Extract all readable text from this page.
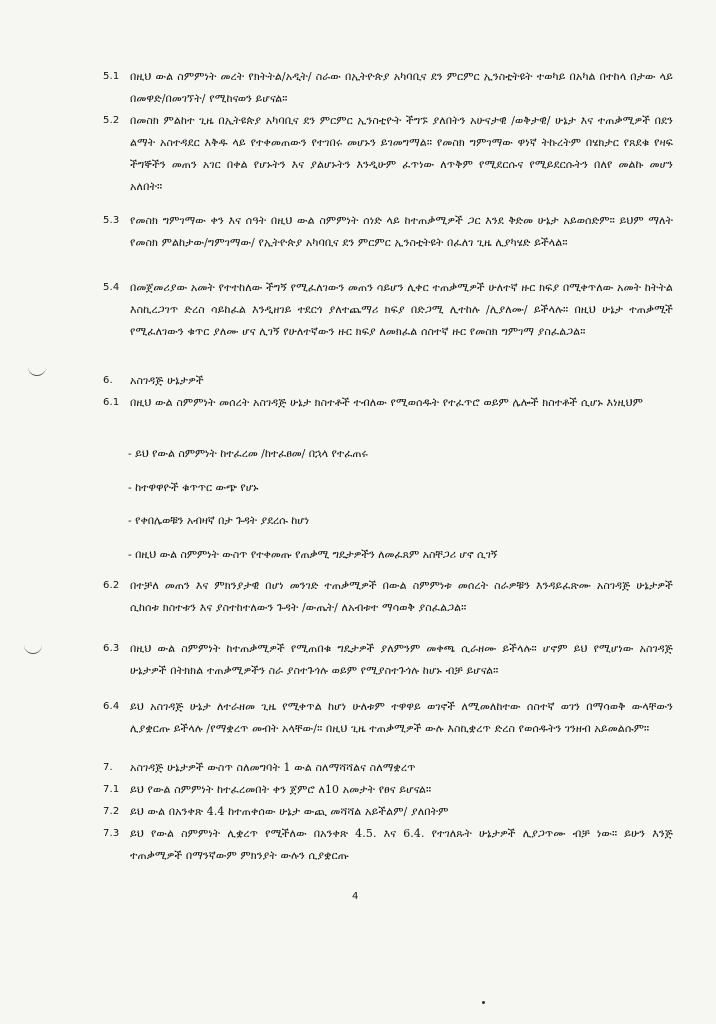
5.1 በዚህ ውል ስምምነት መረት የክትትል/አዲት/ ስራው በኢትዮጵያ አካባቢና ደን ምርምር ኢንስቲትዩት ተወካይ በአካል በተከላ በታው ላይ በመዋድ/በመገኘት/ የሚከናወን ይሆናል።
5.2 በመስክ ምልከተ ጊዜ በኢትዩጵያ አካባቢና ደን ምርምር ኢንስቲዮት ችግኙ ያለበትን አሁናታዊ /ወቅታዊ/ ሁኔታ እና ተጠቃሚዎች በደን ልማት አስተዳደር እቅዱ ላይ የተቀመጠውን የተገበሩ መሆኑን ይገመግማል። የመስክ ግምገማው ዋነኛ ትኩረትም በሄክታር የጸደቁ የዛፍ ችግኞችን መጠን አገር በቀል የሆኑትን እና ያልሆኑትን እንዲሁም ፈጥነው ለጥቅም የሚደርሱና የሚይደርሱትን በለየ መልኩ መሆን አለበት።
5.3 የመስክ ግምገማው ቀን እና ሰዓት በዚህ ውል ስምምነት ሰነድ ላይ ከተጠቃሚዎች ጋር እንደ ቅድመ ሁኔታ አይወሰድም። ይህም ማለት የመስክ ምልከታው/ግምገማው/ የኢትዮጵያ አካባቢና ደን ምርምር ኢንስቲትዩት በፈለገ ጊዜ ሊያካሄድ ይችላል።
5.4 በመጀመሪያው አመት የተተከለው ችግኝ የሚፈለገውን መጠን ሳይሆን ሊቀር ተጠቃሚዎች ሁለተኛ ዙር ክፍያ በሚቀጥለው አመት ከትትል እስኪረጋገጥ ድረስ ሳይከፈል እንዲዘገይ ተደርጎ ያለተጨማሪ ክፍያ በድጋሚ ሊተከሉ /ሊያለሙ/ ይችላሉ። በዚህ ሁኔታ ተጠቃሚች የሚፈለገውን ቁጥር ያለሙ ሆና ሊገኝ የሁለተኛውን ዙር ክፍያ ለመክፈል ሰስተኛ ዙር የመስክ ግምገማ ያስፈልጋል።
6. አስገዳጅ ሁኔታዎች
6.1 በዚህ ውል ስምምነት መሰረት አስገዳጅ ሁኔታ ክስተቶች ተብለው የሚወሰዱት የተፈጥሮ ወይም ሌሎች ክስተቶች ሲሆኑ እነዚህም
- ይህ የውል ስምምነት ከተፈረመ /ከተፈፀመ/ በኋላ የተፈጠሩ
- ከተዋዋዮች ቁጥጥር ውጭ የሆኑ
- የቀበሌወቹን አብዛኛ በታ ጉዳት ያደረሱ ከሆነ
- በዚህ ውል ስምምነት ውስጥ የተቀመጡ የጠቃሚ ግዴታዎችን ለመፈጸም አስቸጋሪ ሆኖ ሲገኝ
6.2 በተቻለ መጠን እና ምክንያታዊ በሆነ መንገድ ተጠቃሚዎች በውል ስምምነቱ መሰረት ስራዎቹን እንዳይፈጽሙ አስገዳጅ ሁኔታዎች ሲከሰቱ ክስተቱን እና ያስተከተለውን ጉዳት /ውጤት/ ለአብቱተ ማሳወቅ ያስፈልጋል።
6.3 በዚህ ውል ስምምነት ከተጠቃሚዎች የሚጠበቁ ግዴታዎች ያለምንም መቀጫ ሲራዘሙ ይችላሉ። ሆኖም ይህ የሚሆነው አስገዳጅ ሁኔታዎች በትክክል ተጠቃሚዎችን ስራ ያስተጉጎሉ ወይም የሚያስተጉጎሉ ከሆኑ ብቻ ይሆናል።
6.4 ይህ አስገዳጅ ሁኔታ ለተራዘመ ጊዜ የሚቀጥል ከሆነ ሁለቱም ተዋዋይ ወገኖች ለሚመለከተው ሰስተኛ ወገን በማሳወቅ ውላቸውን ሊያቋርጡ ይችላሉ /የማቋረጥ መብት አላቸው/። በዚህ ጊዜ ተጠቃሚዎች ውሉ እስኪቋረጥ ድረስ የወሰዱትን ገንዘብ አይመልሱም።
7. አስገዳጅ ሁኔታዎች ውስጥ ስለመግባት 1 ውል ስለማሻሻልና ስለማቋረጥ
7.1 ይህ የውል ስምምነት ከተፈረመበት ቀን ጀምሮ ለ10 አመታት የፀና ይሆናል።
7.2 ይህ ውል በአንቀጽ 4.4 ከተጠቀሰው ሁኔታ ውጪ መሻሻል አይችልም/ ያለበትም
7.3 ይህ የውል ስምምነት ሊቋረጥ የሚችለው በአንቀጽ 4.5. እና 6.4. የተገለጹት ሁኔታዎች ሊያጋጥሙ ብቻ ነው። ይሁን እንጅ ተጠቃሚዎች በማንኛውም ምክንያት ውሉን ሲያቋርጡ
4
